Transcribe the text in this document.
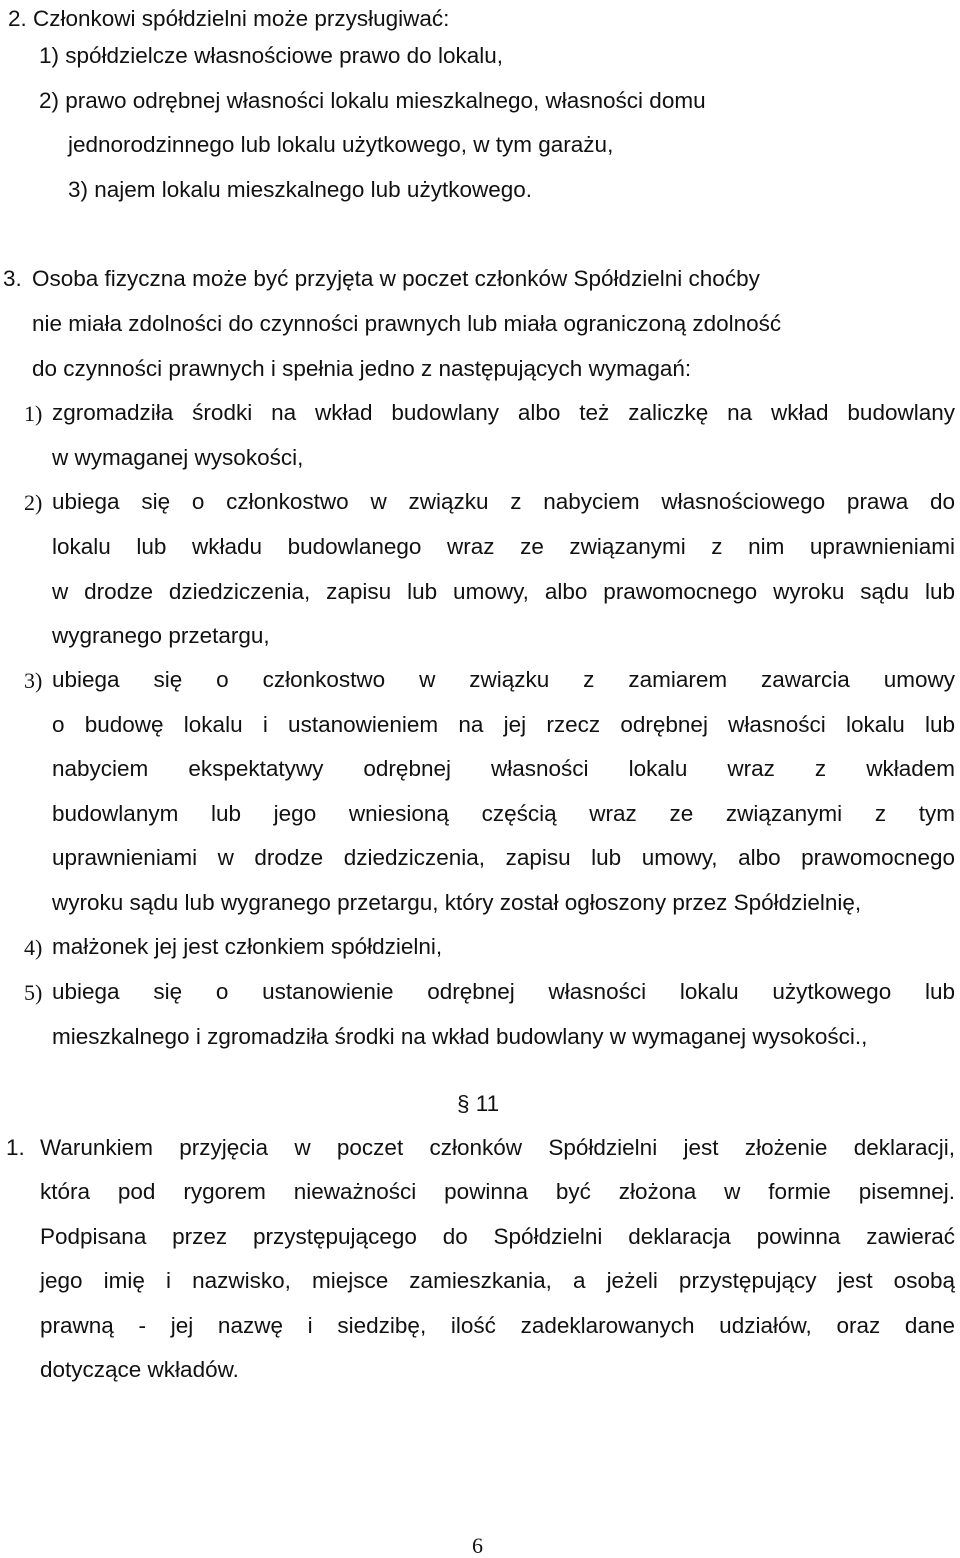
2. Członkowi spółdzielni może przysługiwać:
1) spółdzielcze własnościowe prawo do lokalu,
2) prawo odrębnej własności lokalu mieszkalnego, własności domu
jednorodzinnego lub lokalu użytkowego, w tym garażu,
3) najem lokalu mieszkalnego lub użytkowego.
3. Osoba fizyczna może być przyjęta w poczet członków Spółdzielni choćby
nie miała zdolności do czynności prawnych lub miała ograniczoną zdolność
do czynności prawnych i spełnia jedno z następujących wymagań:
1) zgromadziła środki na wkład budowlany albo też zaliczkę na wkład budowlany
w wymaganej wysokości,
2) ubiega się o członkostwo w związku z nabyciem własnościowego prawa do
lokalu lub wkładu budowlanego wraz ze związanymi z nim uprawnieniami
w drodze dziedziczenia, zapisu lub umowy, albo prawomocnego wyroku sądu lub
wygranego przetargu,
3) ubiega się o członkostwo w związku z zamiarem zawarcia umowy
o budowę lokalu i ustanowieniem na jej rzecz odrębnej własności lokalu lub
nabyciem ekspektatywy odrębnej własności lokalu wraz z wkładem
budowlanym lub jego wniesioną częścią wraz ze związanymi z tym
uprawnieniami w drodze dziedziczenia, zapisu lub umowy, albo prawomocnego
wyroku sądu lub wygranego przetargu, który został ogłoszony przez Spółdzielnię,
4) małżonek jej jest członkiem spółdzielni,
5) ubiega się o ustanowienie odrębnej własności lokalu użytkowego lub
mieszkalnego i zgromadziła środki na wkład budowlany w wymaganej wysokości.,
§ 11
1. Warunkiem przyjęcia w poczet członków Spółdzielni jest złożenie deklaracji,
która pod rygorem nieważności powinna być złożona w formie pisemnej.
Podpisana przez przystępującego do Spółdzielni deklaracja powinna zawierać
jego imię i nazwisko, miejsce zamieszkania, a jeżeli przystępujący jest osobą
prawną - jej nazwę i siedzibę, ilość zadeklarowanych udziałów, oraz dane
dotyczące wkładów.
6
